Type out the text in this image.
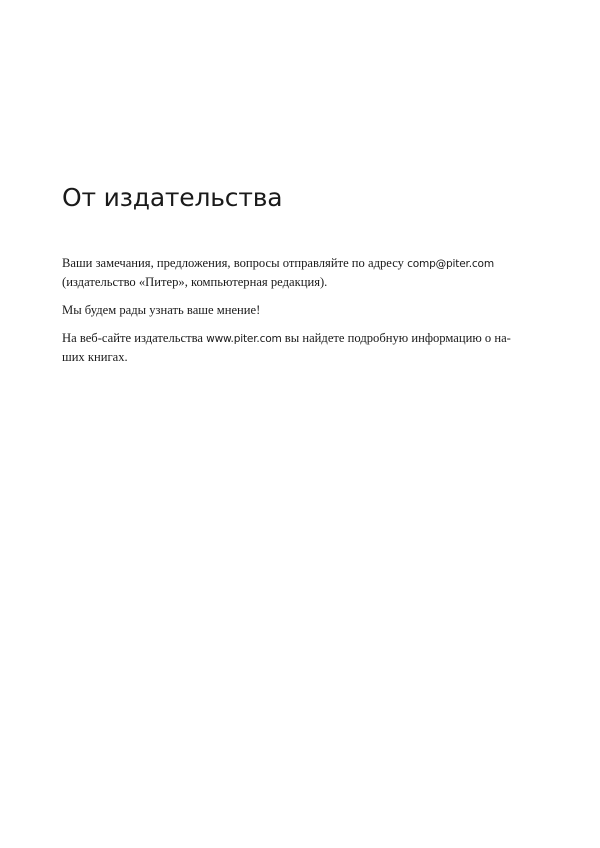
От издательства

Ваши замечания, предложения, вопросы отправляйте по адресу comp@piter.com
(издательство «Питер», компьютерная редакция).

Мы будем рады узнать ваше мнение!

На веб-сайте издательства www.piter.com вы найдете подробную информацию о на-
ших книгах.
